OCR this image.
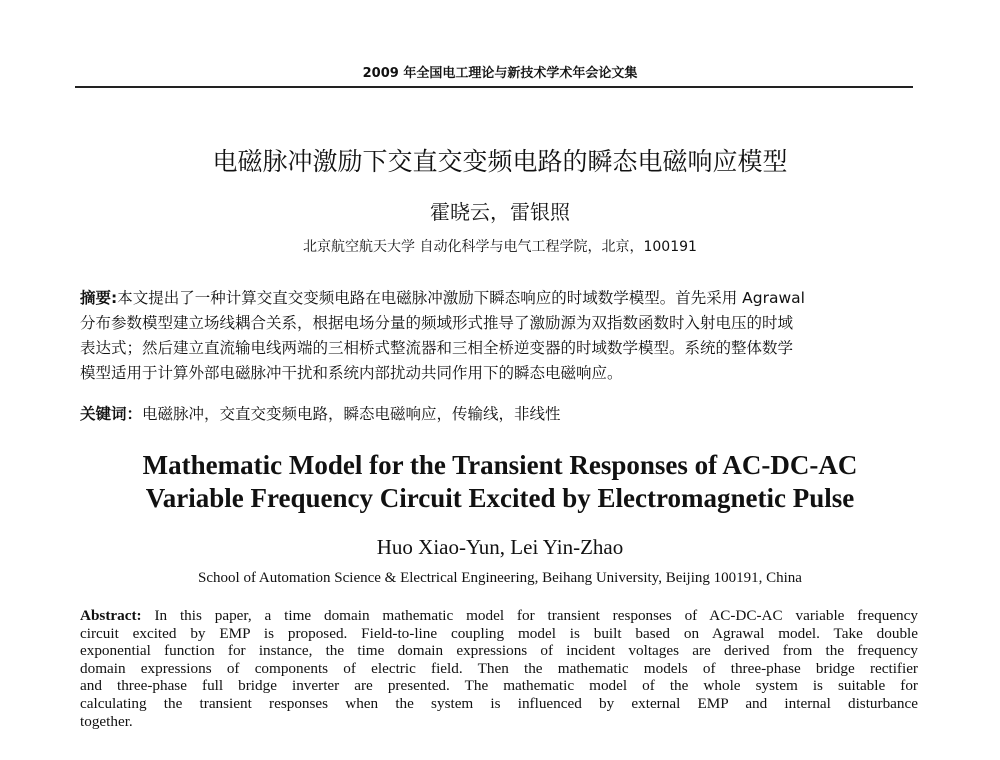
2009 年全国电工理论与新技术学术年会论文集
电磁脉冲激励下交直交变频电路的瞬态电磁响应模型
霍晓云，雷银照
北京航空航天大学 自动化科学与电气工程学院，北京，100191
摘要:本文提出了一种计算交直交变频电路在电磁脉冲激励下瞬态响应的时域数学模型。首先采用 Agrawal
分布参数模型建立场线耦合关系，根据电场分量的频域形式推导了激励源为双指数函数时入射电压的时域
表达式；然后建立直流输电线两端的三相桥式整流器和三相全桥逆变器的时域数学模型。系统的整体数学
模型适用于计算外部电磁脉冲干扰和系统内部扰动共同作用下的瞬态电磁响应。
关键词：电磁脉冲，交直交变频电路，瞬态电磁响应，传输线，非线性
Mathematic Model for the Transient Responses of AC-DC-AC
Variable Frequency Circuit Excited by Electromagnetic Pulse
Huo Xiao-Yun, Lei Yin-Zhao
School of Automation Science & Electrical Engineering, Beihang University, Beijing 100191, China
Abstract: In this paper, a time domain mathematic model for transient responses of AC-DC-AC variable frequency
circuit excited by EMP is proposed. Field-to-line coupling model is built based on Agrawal model. Take double
exponential function for instance, the time domain expressions of incident voltages are derived from the frequency
domain expressions of components of electric field. Then the mathematic models of three-phase bridge rectifier
and three-phase full bridge inverter are presented. The mathematic model of the whole system is suitable for
calculating the transient responses when the system is influenced by external EMP and internal disturbance
together.
